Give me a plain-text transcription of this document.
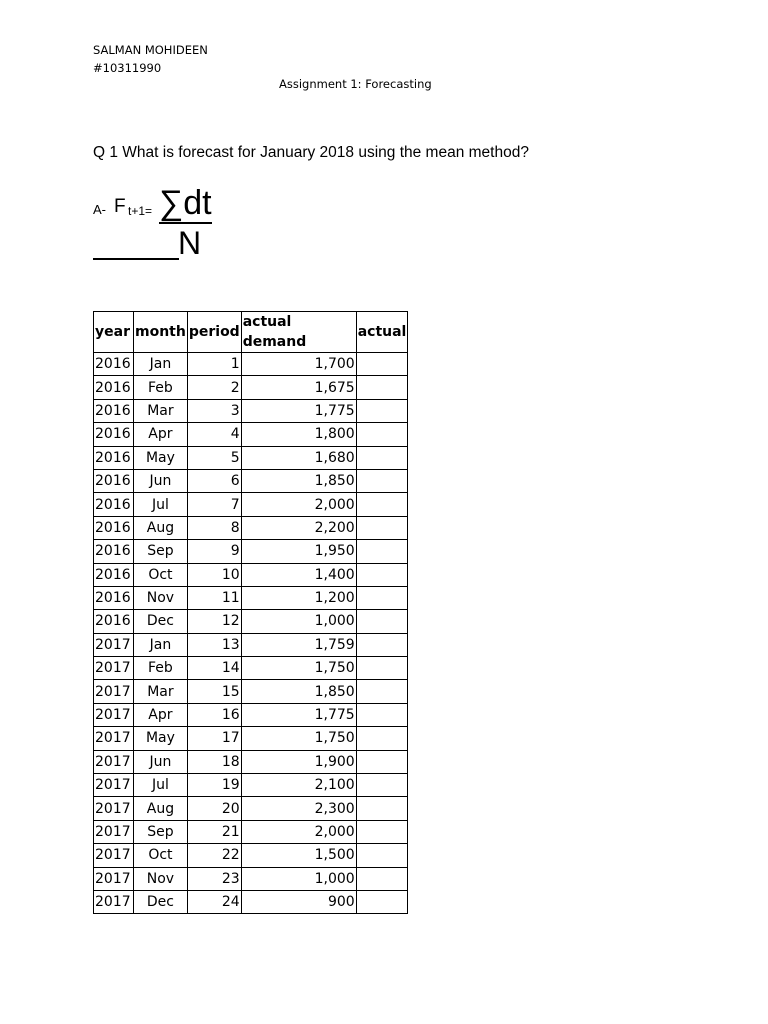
SALMAN MOHIDEEN
#10311990
Assignment 1: Forecasting
Q 1 What is forecast for January 2018 using the mean method?
A- F t+1= ∑dt
N
year	month	period	actual demand	actual
2016	Jan	1	1,700	
2016	Feb	2	1,675	
2016	Mar	3	1,775	
2016	Apr	4	1,800	
2016	May	5	1,680	
2016	Jun	6	1,850	
2016	Jul	7	2,000	
2016	Aug	8	2,200	
2016	Sep	9	1,950	
2016	Oct	10	1,400	
2016	Nov	11	1,200	
2016	Dec	12	1,000	
2017	Jan	13	1,759	
2017	Feb	14	1,750	
2017	Mar	15	1,850	
2017	Apr	16	1,775	
2017	May	17	1,750	
2017	Jun	18	1,900	
2017	Jul	19	2,100	
2017	Aug	20	2,300	
2017	Sep	21	2,000	
2017	Oct	22	1,500	
2017	Nov	23	1,000	
2017	Dec	24	900	
